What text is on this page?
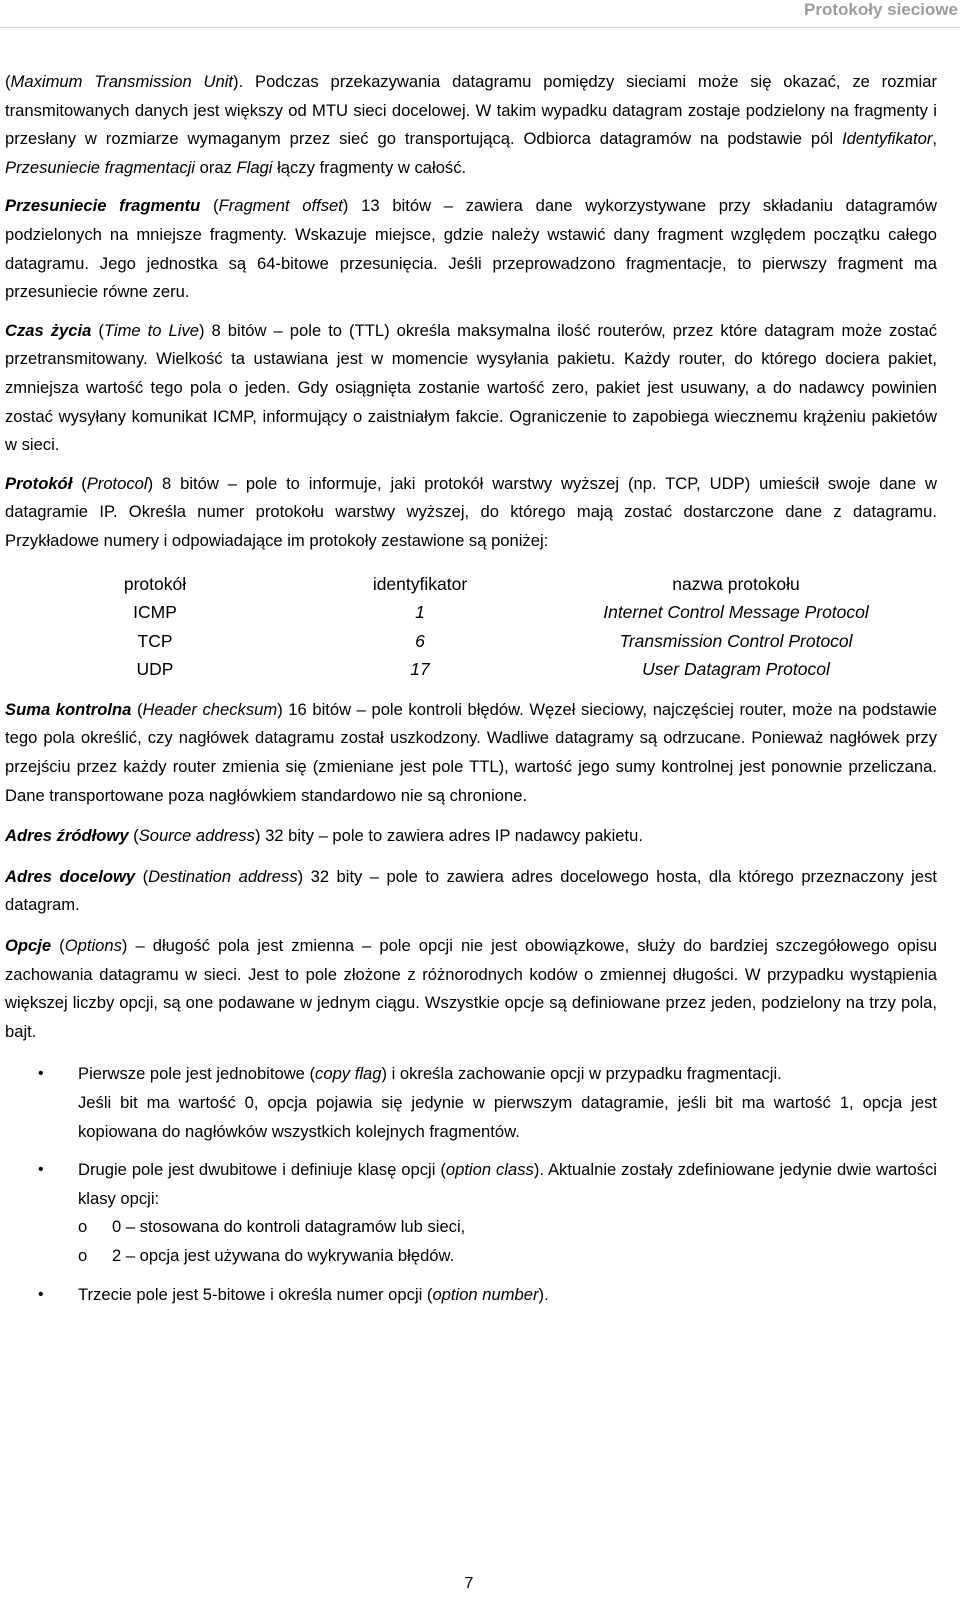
Protokoły sieciowe

(Maximum Transmission Unit). Podczas przekazywania datagramu pomiędzy sieciami może się okazać, ze rozmiar transmitowanych danych jest większy od MTU sieci docelowej. W takim wypadku datagram zostaje podzielony na fragmenty i przesłany w rozmiarze wymaganym przez sieć go transportującą. Odbiorca datagramów na podstawie pól Identyfikator, Przesuniecie fragmentacji oraz Flagi łączy fragmenty w całość.

Przesuniecie fragmentu (Fragment offset) 13 bitów – zawiera dane wykorzystywane przy składaniu datagramów podzielonych na mniejsze fragmenty. Wskazuje miejsce, gdzie należy wstawić dany fragment względem początku całego datagramu. Jego jednostka są 64-bitowe przesunięcia. Jeśli przeprowadzono fragmentacje, to pierwszy fragment ma przesuniecie równe zeru.

Czas życia (Time to Live) 8 bitów – pole to (TTL) określa maksymalna ilość routerów, przez które datagram może zostać przetransmitowany. Wielkość ta ustawiana jest w momencie wysyłania pakietu. Każdy router, do którego dociera pakiet, zmniejsza wartość tego pola o jeden. Gdy osiągnięta zostanie wartość zero, pakiet jest usuwany, a do nadawcy powinien zostać wysyłany komunikat ICMP, informujący o zaistniałym fakcie. Ograniczenie to zapobiega wiecznemu krążeniu pakietów w sieci.

Protokół (Protocol) 8 bitów – pole to informuje, jaki protokół warstwy wyższej (np. TCP, UDP) umieścił swoje dane w datagramie IP. Określa numer protokołu warstwy wyższej, do którego mają zostać dostarczone dane z datagramu. Przykładowe numery i odpowiadające im protokoły zestawione są poniżej:

protokół	identyfikator	nazwa protokołu
ICMP	1	Internet Control Message Protocol
TCP	6	Transmission Control Protocol
UDP	17	User Datagram Protocol

Suma kontrolna (Header checksum) 16 bitów – pole kontroli błędów. Węzeł sieciowy, najczęściej router, może na podstawie tego pola określić, czy nagłówek datagramu został uszkodzony. Wadliwe datagramy są odrzucane. Ponieważ nagłówek przy przejściu przez każdy router zmienia się (zmieniane jest pole TTL), wartość jego sumy kontrolnej jest ponownie przeliczana. Dane transportowane poza nagłówkiem standardowo nie są chronione.

Adres źródłowy (Source address) 32 bity – pole to zawiera adres IP nadawcy pakietu.

Adres docelowy (Destination address) 32 bity – pole to zawiera adres docelowego hosta, dla którego przeznaczony jest datagram.

Opcje (Options) – długość pola jest zmienna – pole opcji nie jest obowiązkowe, służy do bardziej szczegółowego opisu zachowania datagramu w sieci. Jest to pole złożone z różnorodnych kodów o zmiennej długości. W przypadku wystąpienia większej liczby opcji, są one podawane w jednym ciągu. Wszystkie opcje są definiowane przez jeden, podzielony na trzy pola, bajt.

• Pierwsze pole jest jednobitowe (copy flag) i określa zachowanie opcji w przypadku fragmentacji.
Jeśli bit ma wartość 0, opcja pojawia się jedynie w pierwszym datagramie, jeśli bit ma wartość 1, opcja jest kopiowana do nagłówków wszystkich kolejnych fragmentów.
• Drugie pole jest dwubitowe i definiuje klasę opcji (option class). Aktualnie zostały zdefiniowane jedynie dwie wartości klasy opcji:
o 0 – stosowana do kontroli datagramów lub sieci,
o 2 – opcja jest używana do wykrywania błędów.
• Trzecie pole jest 5-bitowe i określa numer opcji (option number).
7
